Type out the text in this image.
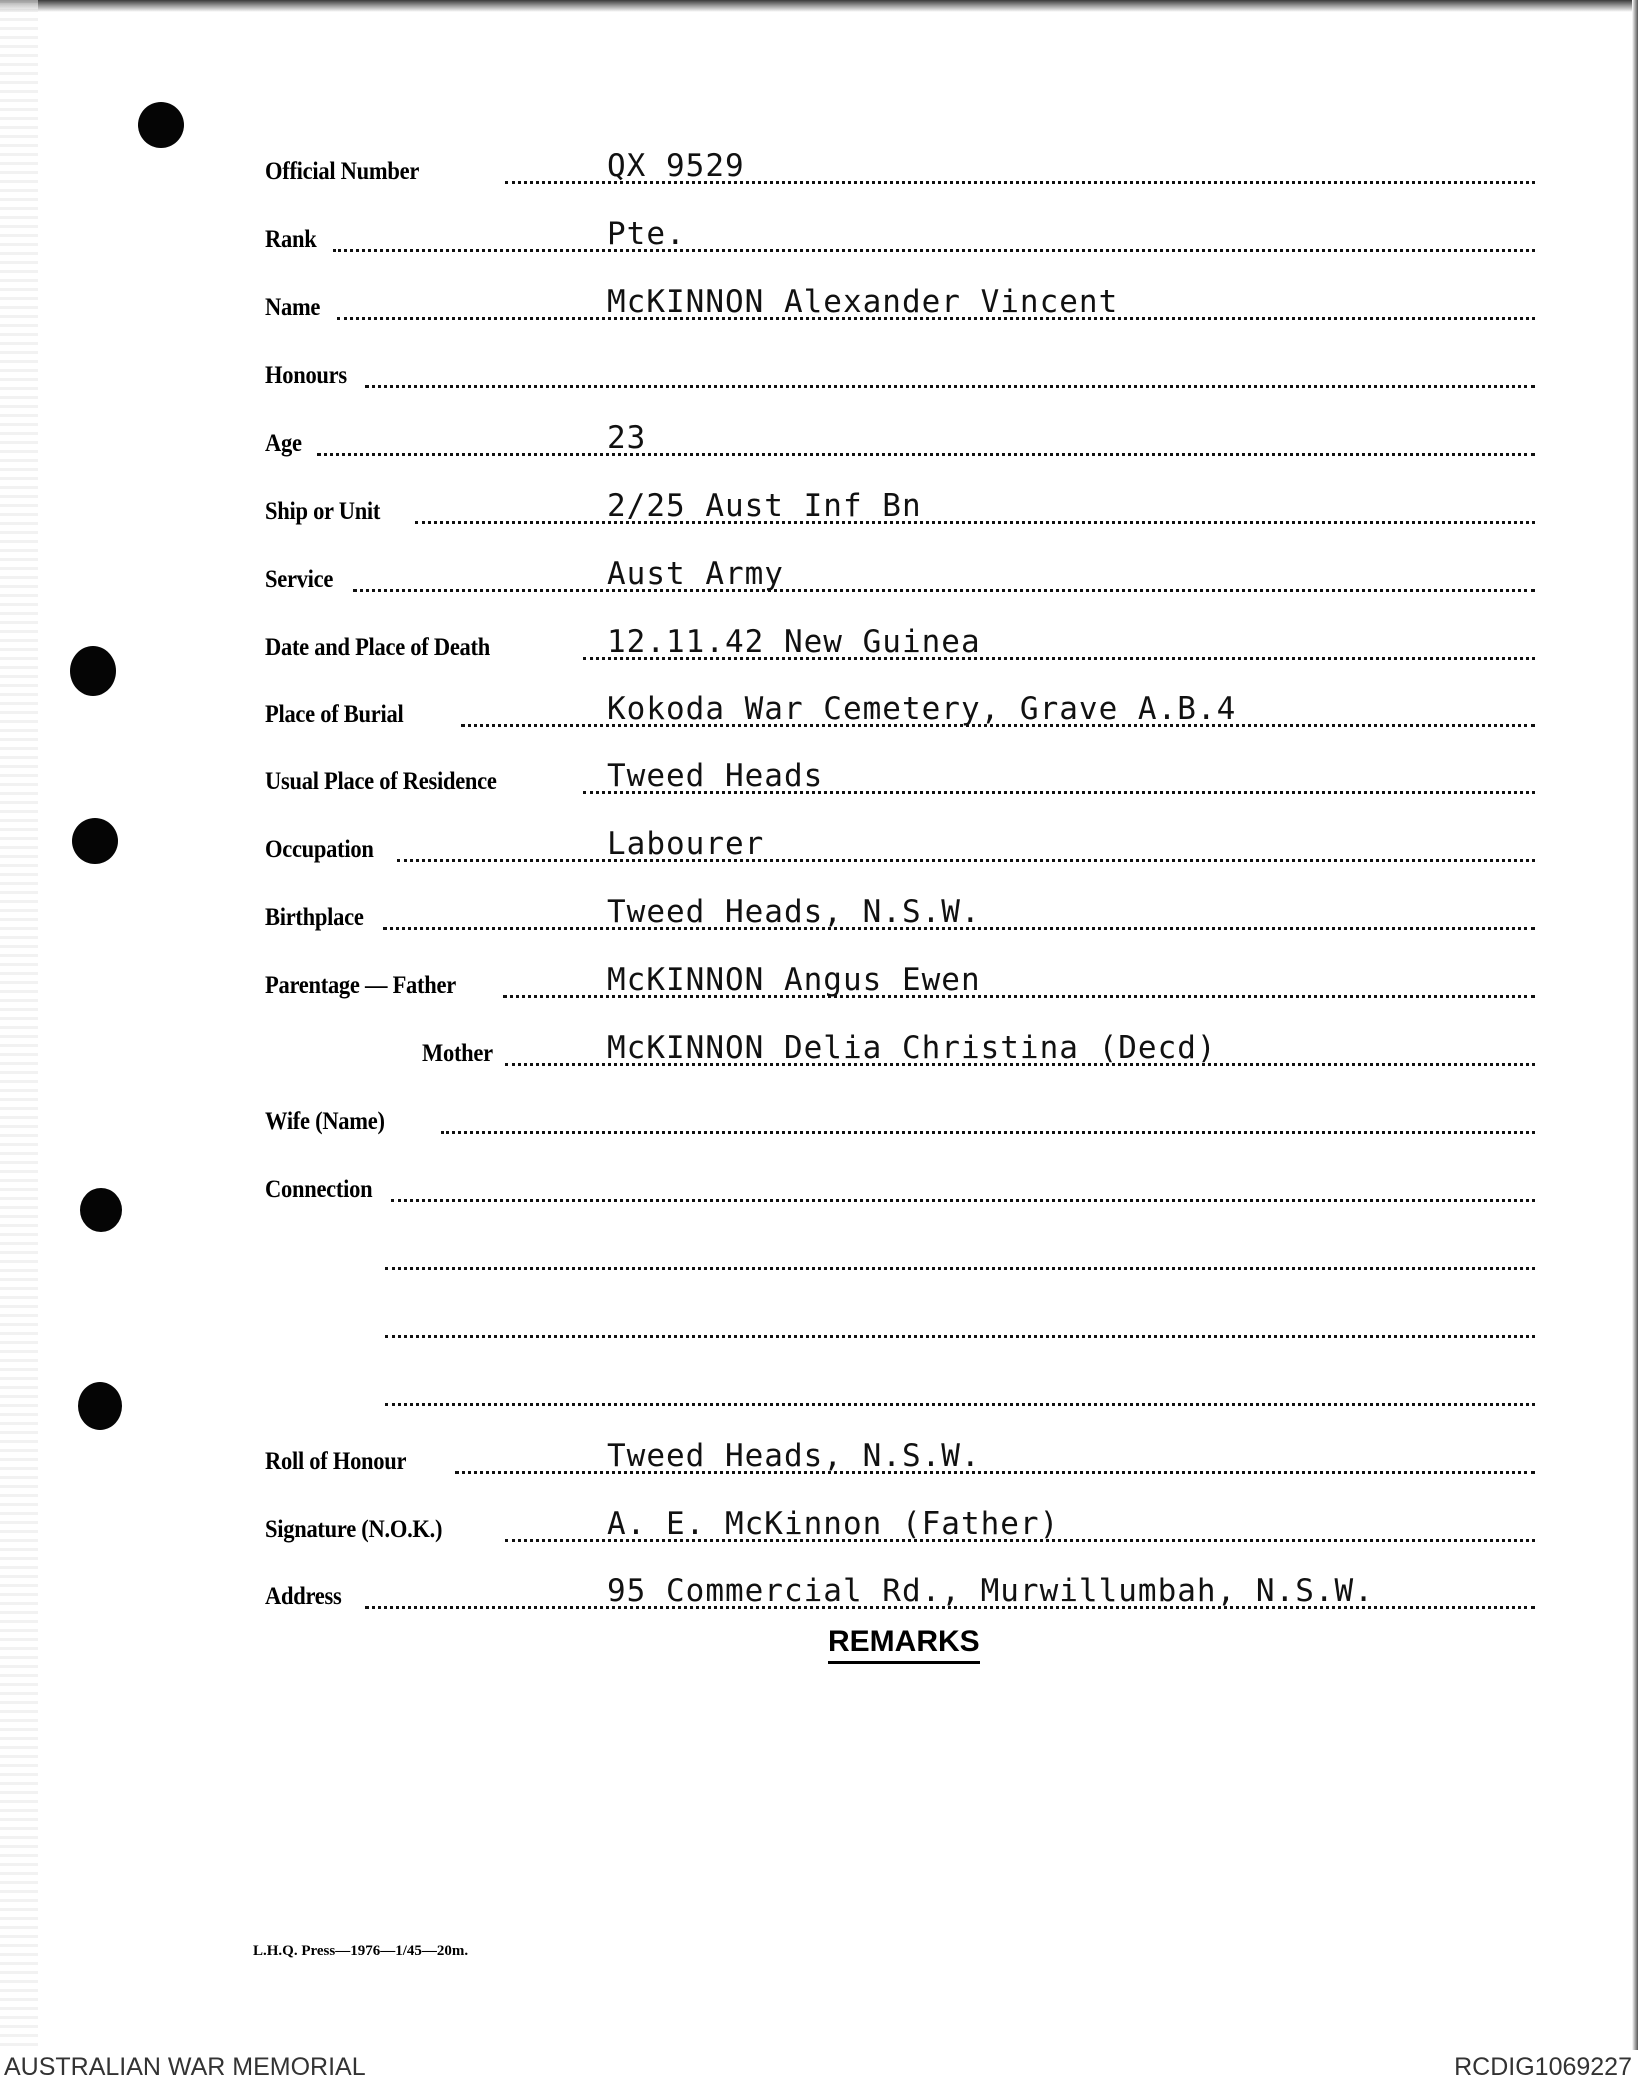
Official Number	QX 9529
Rank	Pte.
Name	McKINNON Alexander Vincent
Honours
Age	23
Ship or Unit	2/25 Aust Inf Bn
Service	Aust Army
Date and Place of Death	12.11.42 New Guinea
Place of Burial	Kokoda War Cemetery, Grave A.B.4
Usual Place of Residence	Tweed Heads
Occupation	Labourer
Birthplace	Tweed Heads, N.S.W.
Parentage — Father	McKINNON Angus Ewen
Mother	McKINNON Delia Christina (Decd)
Wife (Name)
Connection
Roll of Honour	Tweed Heads, N.S.W.
Signature (N.O.K.)	A. E. McKinnon (Father)
Address	95 Commercial Rd., Murwillumbah, N.S.W.
REMARKS
L.H.Q. Press—1976—1/45—20m.
AUSTRALIAN WAR MEMORIAL	RCDIG1069227
